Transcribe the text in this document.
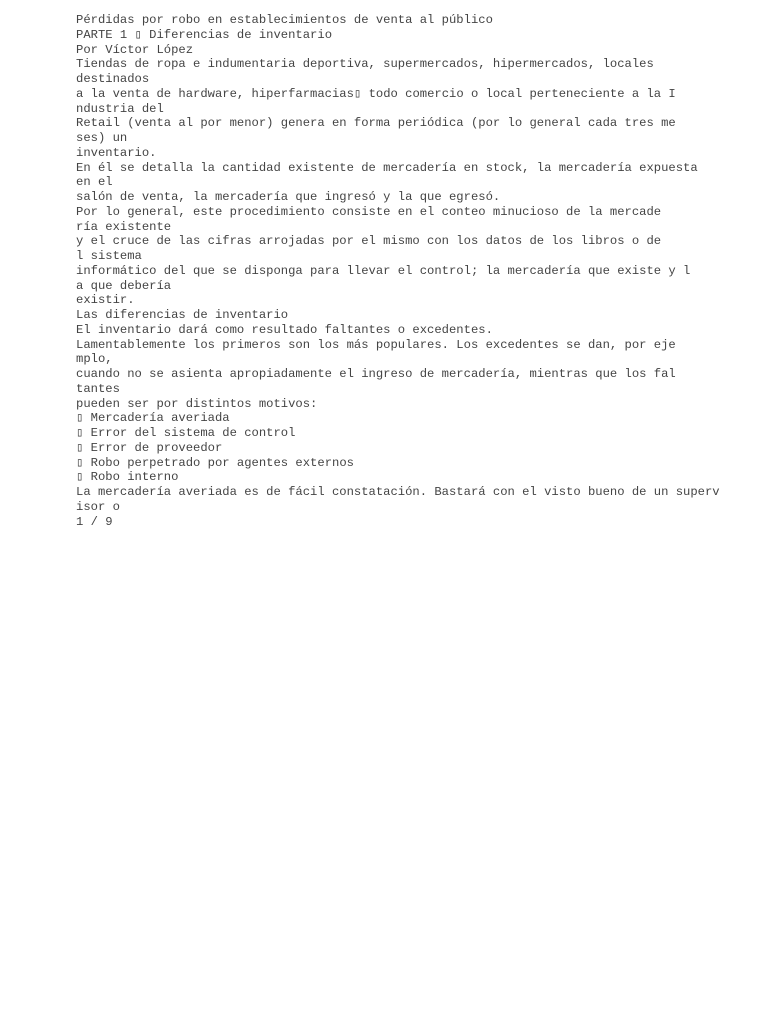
Pérdidas por robo en establecimientos de venta al público
PARTE 1 ▯ Diferencias de inventario
Por Víctor López
Tiendas de ropa e indumentaria deportiva, supermercados, hipermercados, locales
destinados
a la venta de hardware, hiperfarmacias▯ todo comercio o local perteneciente a la I
ndustria del
Retail (venta al por menor) genera en forma periódica (por lo general cada tres me
ses) un
inventario.
En él se detalla la cantidad existente de mercadería en stock, la mercadería expuesta
en el
salón de venta, la mercadería que ingresó y la que egresó.
Por lo general, este procedimiento consiste en el conteo minucioso de la mercade
ría existente
y el cruce de las cifras arrojadas por el mismo con los datos de los libros o de
l sistema
informático del que se disponga para llevar el control; la mercadería que existe y l
a que debería
existir.
Las diferencias de inventario
El inventario dará como resultado faltantes o excedentes.
Lamentablemente los primeros son los más populares. Los excedentes se dan, por eje
mplo,
cuando no se asienta apropiadamente el ingreso de mercadería, mientras que los fal
tantes
pueden ser por distintos motivos:
▯ Mercadería averiada
▯ Error del sistema de control
▯ Error de proveedor
▯ Robo perpetrado por agentes externos
▯ Robo interno
La mercadería averiada es de fácil constatación. Bastará con el visto bueno de un superv
isor o
1 / 9
